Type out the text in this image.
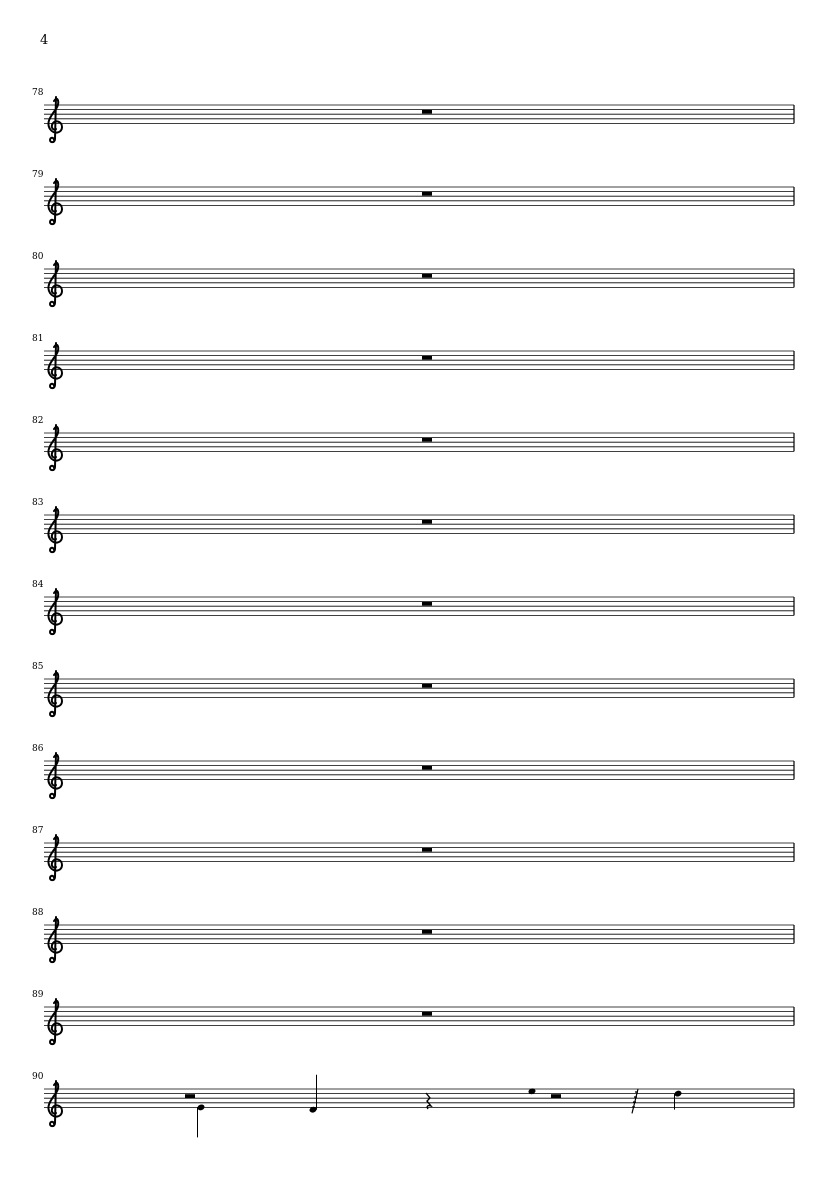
4
78
79
80
81
82
83
84
85
86
87
88
89
90
